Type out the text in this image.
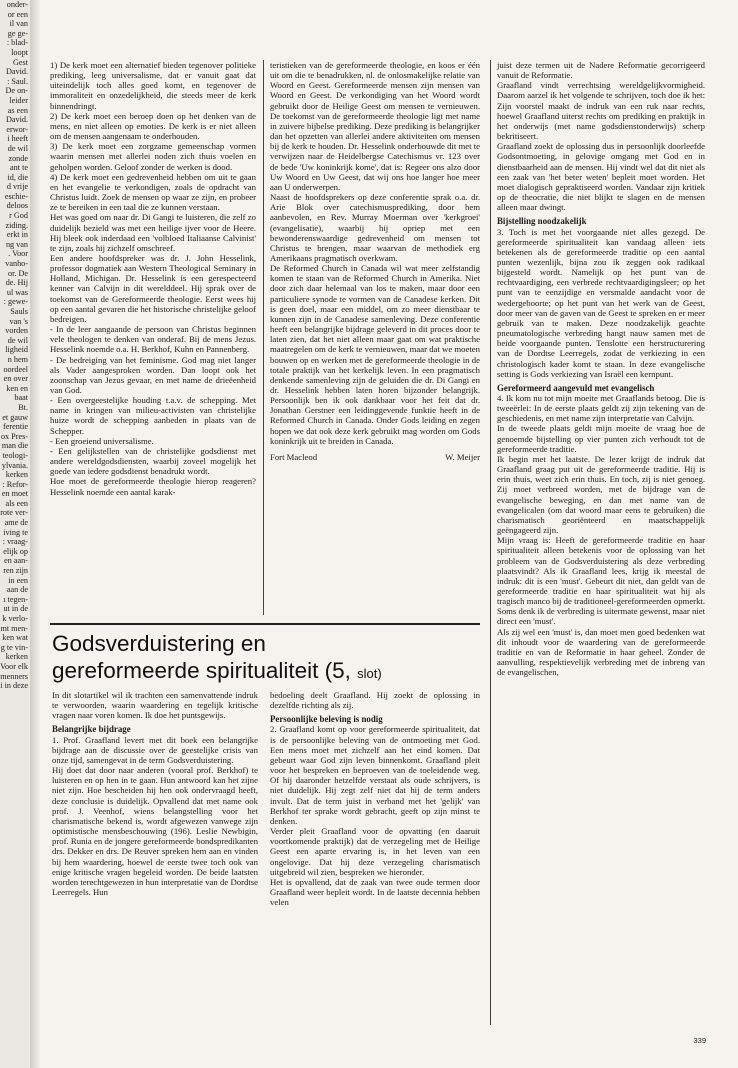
onder-

or een

il van

ge ge-

: blad-

loopt

Gest

David.

: Saul.

De on-

leider

as een

David.

erwor-

i heeft

de wil

zonde

ant te

id, die

d vrije

eschie-

deloos

r God

ziding.

erkt in

ng van

. Voor

vanho-

or. De

de. Hij

ul was

: gewe-

Sauls

van 's

vorden

de wil

ligheid

n hem

oordeel

en over

ken en

baat

Bt.

et gauw

ferentie

ox Pres-

man die

teologi-

ylvania.

kerken

: Refor-

en moet

als een

rote ver-

ame de

iving te

: vraag-

elijk op

en aan-

ren zijn

in een

aan de

ı tegen-

ut in de

k verlo-

mt men-

ken wat

g te vin-

kerken

Voor elk

menners

i in deze

1) De kerk moet een alternatief bieden tegenover politieke prediking, leeg universalisme, dat er vanuit gaat dat uiteindelijk toch alles goed komt, en tegenover de immoraliteit en onzedelijkheid, die steeds meer de kerk binnendringt.

2) De kerk moet een beroep doen op het denken van de mens, en niet alleen op emoties. De kerk is er niet alleen om de mensen aangenaam te onderhouden.

3) De kerk moet een zorgzame gemeenschap vormen waarin mensen met allerlei noden zich thuis voelen en geholpen worden. Geloof zonder de werken is dood.

4) De kerk moet een gedrevenheid hebben om uit te gaan en het evangelie te verkondigen, zoals de opdracht van Christus luidt. Zoek de mensen op waar ze zijn, en probeer ze te bereiken in een taal die ze kunnen verstaan.

Het was goed om naar dr. Di Gangi te luisteren, die zelf zo duidelijk bezield was met een heilige ijver voor de Heere. Hij bleek ook inderdaad een 'volbloed Italiaanse Calvinist' te zijn, zoals hij zichzelf omschreef.

Een andere hoofdspreker was dr. J. John Hesselink, professor dogmatiek aan Western Theological Seminary in Holland, Michigan. Dr. Hesselink is een gerespecteerd kenner van Calvijn in dit werelddeel. Hij sprak over de toekomst van de Gereformeerde theologie. Eerst wees hij op een aantal gevaren die het historische christelijke geloof bedreigen.

- In de leer aangaande de persoon van Christus beginnen vele theologen te denken van onderaf. Bij de mens Jezus. Hesselink noemde o.a. H. Berkhof, Kuhn en Pannenberg.

- De bedreiging van het feminisme. God mag niet langer als Vader aangesproken worden. Dan loopt ook het zoonschap van Jezus gevaar, en met name de drieëenheid van God.

- Een overgeestelijke houding t.a.v. de schepping. Met name in kringen van milieu-activisten van christelijke huize wordt de schepping aanbeden in plaats van de Schepper.

- Een groeiend universalisme.

- Een gelijkstellen van de christelijke godsdienst met andere wereldgodsdiensten, waarbij zoveel mogelijk het goede van iedere godsdienst benadrukt wordt.

Hoe moet de gereformeerde theologie hierop reageren? Hesselink noemde een aantal karak-

teristieken van de gereformeerde theologie, en koos er één uit om die te benadrukken, nl. de onlosmakelijke relatie van Woord en Geest. Gereformeerde mensen zijn mensen van Woord en Geest. De verkondiging van het Woord wordt gebruikt door de Heilige Geest om mensen te vernieuwen. De toekomst van de gereformeerde theologie ligt met name in zuivere bijbelse prediking. Deze prediking is belangrijker dan het opzetten van allerlei andere aktiviteiten om mensen bij de kerk te houden. Dr. Hesselink onderbouwde dit met te verwijzen naar de Heidelbergse Catechismus vr. 123 over de bede 'Uw koninkrijk kome', dat is: Regeer ons alzo door Uw Woord en Uw Geest, dat wij ons hoe langer hoe meer aan U onderwerpen.

Naast de hoofdsprekers op deze conferentie sprak o.a. dr. Arie Blok over catechismusprediking, door hem aanbevolen, en Rev. Murray Moerman over 'kerkgroei' (evangelisatie), waarbij hij opriep met een bewonderenswaardige gedrevenheid om mensen tot Christus te brengen, maar waarvan de methodiek erg Amerikaans pragmatisch overkwam.

De Reformed Church in Canada wil wat meer zelfstandig komen te staan van de Reformed Church in Amerika. Niet door zich daar helemaal van los te maken, maar door een particuliere synode te vormen van de Canadese kerken. Dit is geen doel, maar een middel, om zo meer dienstbaar te kunnen zijn in de Canadese samenleving. Deze conferentie heeft een belangrijke bijdrage geleverd in dit proces door te laten zien, dat het niet alleen maar gaat om wat praktische maatregelen om de kerk te vernieuwen, maar dat we moeten bouwen op en werken met de gereformeerde theologie in de totale praktijk van het kerkelijk leven. In een pragmatisch denkende samenleving zijn de geluiden die dr. Di Gangi en dr. Hesselink hebben laten horen bijzonder belangrijk. Persoonlijk ben ik ook dankbaar voor het feit dat dr. Jonathan Gerstner een leidinggevende funktie heeft in de Reformed Church in Canada. Onder Gods leiding en zegen hopen we dat ook deze kerk gebruikt mag worden om Gods koninkrijk uit te breiden in Canada.

Fort Macleod	W. Meijer

juist deze termen uit de Nadere Reformatie gecorrigeerd vanuit de Reformatie.

Graafland vindt verrechtsing wereldgelijkvormigheid. Daarom aarzel ik het volgende te schrijven, toch doe ik het: Zijn voorstel maakt de indruk van een ruk naar rechts, hoewel Graafland uiterst rechts om prediking en praktijk in het onderwijs (met name godsdienstonderwijs) scherp bekritiseert.

Graafland zoekt de oplossing dus in persoonlijk doorleefde Godsontmoeting, in gelovige omgang met God en in dienstbaarheid aan de mensen. Hij vindt wel dat dit niet als een zaak van 'het beter weten' bepleit moet worden. Het moet dialogisch gepraktiseerd worden. Vandaar zijn kritiek op de theocratie, die niet blijkt te slagen en de mensen alleen maar dwingt.

Bijstelling noodzakelijk

3. Toch is met het voorgaande niet alles gezegd. De gereformeerde spiritualiteit kan vandaag alleen iets betekenen als de gereformeerde traditie op een aantal punten wezenlijk, bijna zou ik zeggen ook radikaal bijgesteld wordt. Namelijk op het punt van de rechtvaardiging, een verbrede rechtvaardigingsleer; op het punt van te eenzijdige en versmalde aandacht voor de wedergeboorte; op het punt van het werk van de Geest, door meer van de gaven van de Geest te spreken en er meer gebruik van te maken. Deze noodzakelijk geachte pneumatologische verbreding hangt nauw samen met de beide voorgaande punten. Tenslotte een herstructurering van de Dordtse Leerregels, zodat de verkiezing in een christologisch kader komt te staan. In deze evangelische setting is Gods verkiezing van Israël een kernpunt.

Gereformeerd aangevuld met evangelisch

4. Ik kom nu tot mijn moeite met Graaflands betoog. Die is tweeërlei: In de eerste plaats geldt zij zijn tekening van de geschiedenis, en met name zijn interpretatie van Calvijn.

In de tweede plaats geldt mijn moeite de vraag hoe de genoemde bijstelling op vier punten zich verhoudt tot de gereformeerde traditie.

Ik begin met het laatste. De lezer krijgt de indruk dat Graafland graag put uit de gereformeerde traditie. Hij is erin thuis, weet zich erin thuis. En toch, zij is niet genoeg. Zij moet verbreed worden, met de bijdrage van de evangelische beweging, en dan met name van de evangelicalen (om dat woord maar eens te gebruiken) die charismatisch georiënteerd en maatschappelijk geëngageerd zijn.

Mijn vraag is: Heeft de gereformeerde traditie en haar spiritualiteit alleen betekenis voor de oplossing van het probleem van de Godsverduistering als deze verbreding plaatsvindt? Als ik Graafland lees, krijg ik meestal de indruk: dit is een 'must'. Gebeurt dit niet, dan geldt van de gereformeerde traditie en haar spiritualiteit wat hij als tragisch manco bij de traditioneel-gereformeerden opmerkt. Soms denk ik de verbreding is uitermate gewenst, maar niet direct een 'must'.

Als zij wel een 'must' is, dan moet men goed bedenken wat dit inhoudt voor de waardering van de gereformeerde traditie en van de Reformatie in haar geheel. Zonder de aanvulling, respektievelijk verbreding met de inbreng van de evangelischen,

Godsverduistering en
gereformeerde spiritualiteit (5, slot)

In dit slotartikel wil ik trachten een samenvattende indruk te verwoorden, waarin waardering en tegelijk kritische vragen naar voren komen. Ik doe het puntsgewijs.

Belangrijke bijdrage

1. Prof. Graafland levert met dit boek een belangrijke bijdrage aan de discussie over de geestelijke crisis van onze tijd, samengevat in de term Godsverduistering.

Hij doet dat door naar anderen (vooral prof. Berkhof) te luisteren en op hen in te gaan. Hun antwoord kan het zijne niet zijn. Hoe bescheiden hij hen ook ondervraagd heeft, deze conclusie is duidelijk. Opvallend dat met name ook prof. J. Veenhof, wiens belangstelling voor het charismatische bekend is, wordt afgewezen vanwege zijn optimistische mensbeschouwing (196). Leslie Newbigin, prof. Runia en de jongere gereformeerde bondspredikanten drs. Dekker en drs. De Reuver spreken hem aan en vinden bij hem waardering, hoewel de eerste twee toch ook van enige kritische vragen begeleid worden. De beide laatsten worden terechtgewezen in hun interpretatie van de Dordtse Leerregels. Hun

bedoeling deelt Graafland. Hij zoekt de oplossing in dezelfde richting als zij.

Persoonlijke beleving is nodig

2. Graafland komt op voor gereformeerde spiritualiteit, dat is de persoonlijke beleving van de ontmoeting met God. Een mens moet met zichzelf aan het eind komen. Dat gebeurt waar God zijn leven binnenkomt. Graafland pleit voor het bespreken en beproeven van de toeleidende weg. Of hij daaronder hetzelfde verstaat als oude schrijvers, is niet duidelijk. Hij zegt zelf niet dat hij de term anders invult. Dat de term juist in verband met het 'gelijk' van Berkhof ter sprake wordt gebracht, geeft op zijn minst te denken.

Verder pleit Graafland voor de opvatting (en daaruit voortkomende praktijk) dat de verzegeling met de Heilige Geest een aparte ervaring is, in het leven van een ongelovige. Dat hij deze verzegeling charismatisch uitgebreid wil zien, bespreken we hieronder.

Het is opvallend, dat de zaak van twee oude termen door Graafland weer bepleit wordt. In de laatste decennia hebben velen

339
